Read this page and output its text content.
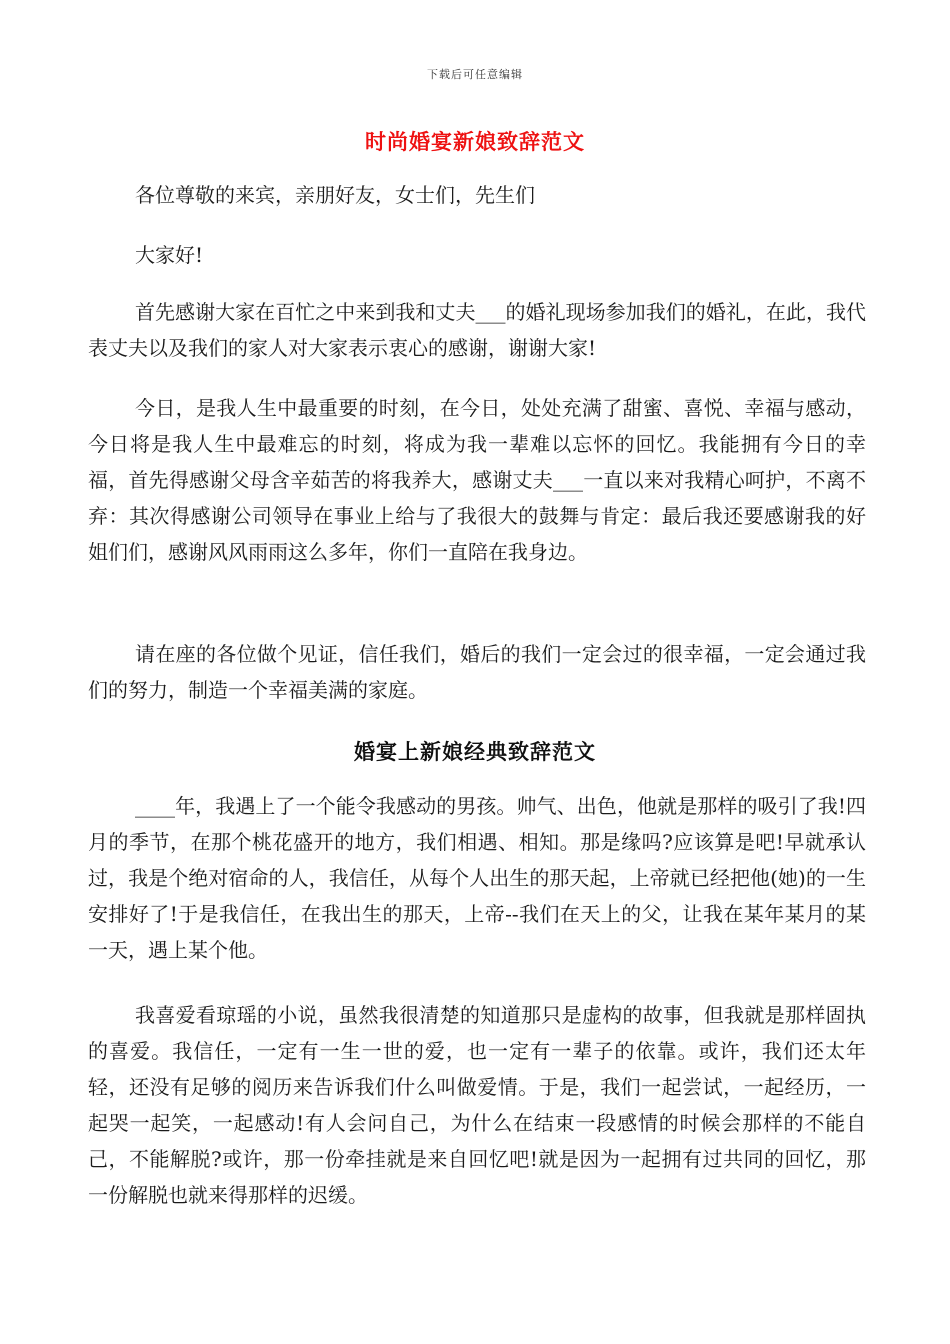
下载后可任意编辑
时尚婚宴新娘致辞范文

各位尊敬的来宾，亲朋好友，女士们，先生们

大家好!

首先感谢大家在百忙之中来到我和丈夫___的婚礼现场参加我们的婚礼，在此，我代表丈夫以及我们的家人对大家表示衷心的感谢，谢谢大家!

今日，是我人生中最重要的时刻，在今日，处处充满了甜蜜、喜悦、幸福与感动，今日将是我人生中最难忘的时刻，将成为我一辈难以忘怀的回忆。我能拥有今日的幸福，首先得感谢父母含辛茹苦的将我养大，感谢丈夫___一直以来对我精心呵护，不离不弃：其次得感谢公司领导在事业上给与了我很大的鼓舞与肯定：最后我还要感谢我的好姐们们，感谢风风雨雨这么多年，你们一直陪在我身边。

请在座的各位做个见证，信任我们，婚后的我们一定会过的很幸福，一定会通过我们的努力，制造一个幸福美满的家庭。

婚宴上新娘经典致辞范文

____年，我遇上了一个能令我感动的男孩。帅气、出色，他就是那样的吸引了我!四月的季节，在那个桃花盛开的地方，我们相遇、相知。那是缘吗?应该算是吧!早就承认过，我是个绝对宿命的人，我信任，从每个人出生的那天起，上帝就已经把他(她)的一生安排好了!于是我信任，在我出生的那天，上帝--我们在天上的父，让我在某年某月的某一天，遇上某个他。

我喜爱看琼瑶的小说，虽然我很清楚的知道那只是虚构的故事，但我就是那样固执的喜爱。我信任，一定有一生一世的爱，也一定有一辈子的依靠。或许，我们还太年轻，还没有足够的阅历来告诉我们什么叫做爱情。于是，我们一起尝试，一起经历，一起哭一起笑，一起感动!有人会问自己，为什么在结束一段感情的时候会那样的不能自己，不能解脱?或许，那一份牵挂就是来自回忆吧!就是因为一起拥有过共同的回忆，那一份解脱也就来得那样的迟缓。
